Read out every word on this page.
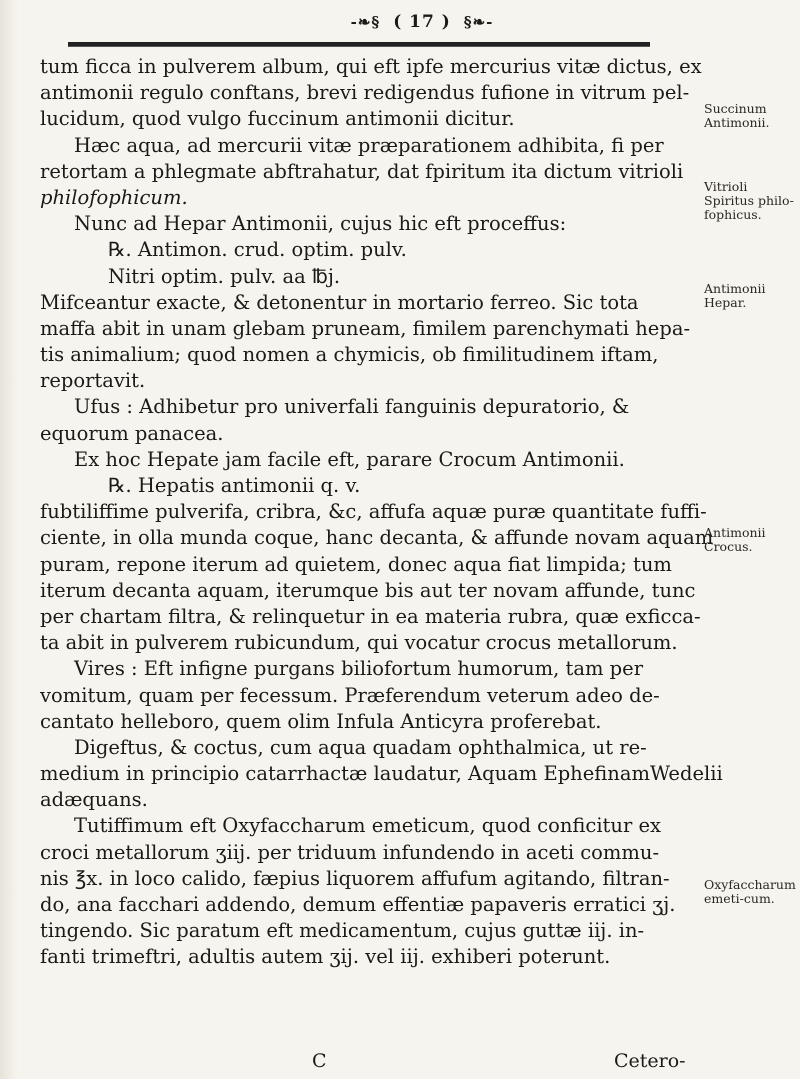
-❧§ ( 17 ) §❧-
tum ficca in pulverem album, qui eft ipfe mercurius vitæ dictus, ex
antimonii regulo conftans, brevi redigendus fufione in vitrum pel-
lucidum, quod vulgo fuccinum antimonii dicitur.
Hæc aqua, ad mercurii vitæ præparationem adhibita, fi per
retortam a phlegmate abftrahatur, dat fpiritum ita dictum vitrioli
philofophicum.
Nunc ad Hepar Antimonii, cujus hic eft proceffus:
℞. Antimon. crud. optim. pulv.
Nitri optim. pulv. aa ℔j.
Mifceantur exacte, & detonentur in mortario ferreo. Sic tota
maffa abit in unam glebam pruneam, fimilem parenchymati hepa-
tis animalium; quod nomen a chymicis, ob fimilitudinem iftam,
reportavit.
Ufus : Adhibetur pro univerfali fanguinis depuratorio, &
equorum panacea.
Ex hoc Hepate jam facile eft, parare Crocum Antimonii.
℞. Hepatis antimonii q. v.
fubtiliffime pulverifa, cribra, &c, affufa aquæ puræ quantitate fuffi-
ciente, in olla munda coque, hanc decanta, & affunde novam aquam
puram, repone iterum ad quietem, donec aqua fiat limpida; tum
iterum decanta aquam, iterumque bis aut ter novam affunde, tunc
per chartam filtra, & relinquetur in ea materia rubra, quæ exficca-
ta abit in pulverem rubicundum, qui vocatur crocus metallorum.
Vires : Eft infigne purgans biliofortum humorum, tam per
vomitum, quam per fecessum. Præferendum veterum adeo de-
cantato helleboro, quem olim Infula Anticyra proferebat.
Digeftus, & coctus, cum aqua quadam ophthalmica, ut re-
medium in principio catarrhactæ laudatur, Aquam EphefinamWedelii
adæquans.
Tutiffimum eft Oxyfaccharum emeticum, quod conficitur ex
croci metallorum ʒiij. per triduum infundendo in aceti commu-
nis ℥x. in loco calido, fæpius liquorem affufum agitando, filtran-
do, ana facchari addendo, demum effentiæ papaveris erratici ʒj.
tingendo. Sic paratum eft medicamentum, cujus guttæ iij. in-
fanti trimeftri, adultis autem ʒij. vel iij. exhiberi poterunt.
Succinum Antimonii.
Vitrioli Spiritus philo-fophicus.
Antimonii Hepar.
Antimonii Crocus.
Oxyfaccharum emeti-cum.
C	Cetero-
